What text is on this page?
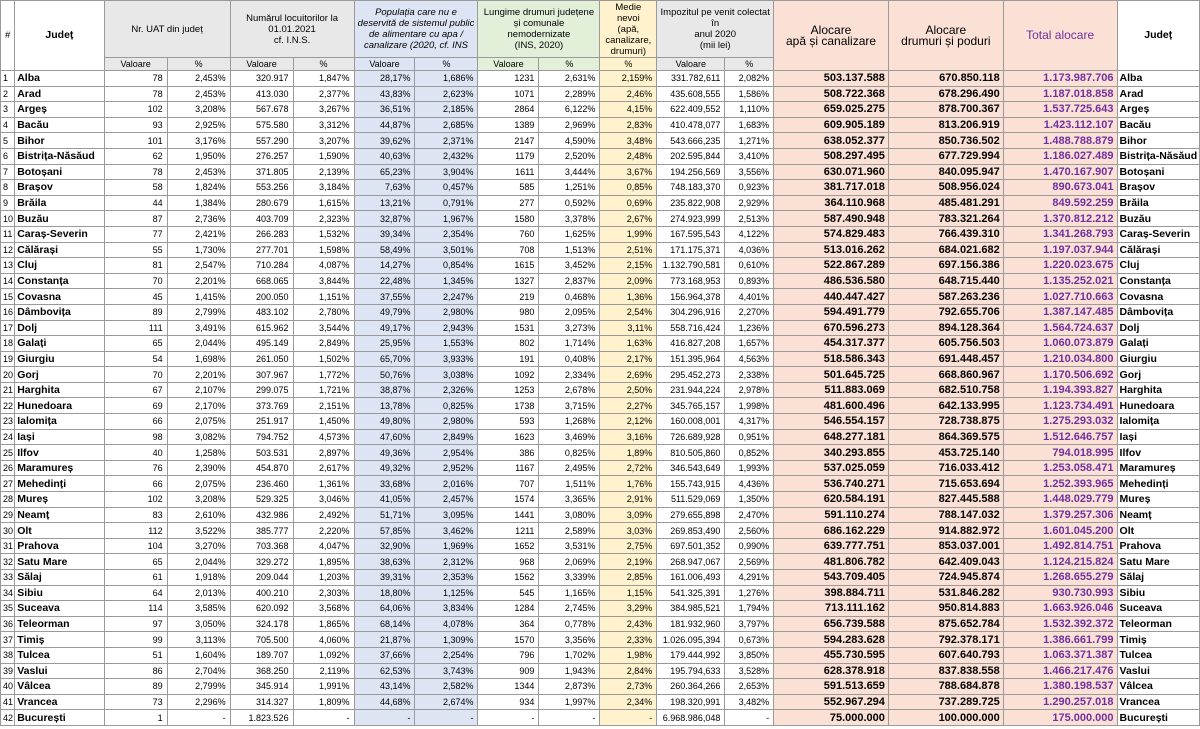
#	Județ	Nr. UAT din județ		Numărul locuitorilor la
01.01.2021
cf. I.N.S.		Populația care nu e
deservită de sistemul public
de alimentare cu apa /
canalizare (2020, cf. INS		Lungime drumuri județene
și comunale nemodernizate
(INS, 2020)		Medie nevoi
(apă,
canalizare,
drumuri)	Impozitul pe venit colectat în
anul 2020
(mii lei)		Alocare
apă și canalizare	Alocare
drumuri și poduri	Total alocare	Județ
		Valoare	%	Valoare	%	Valoare	%	Valoare	%	%	Valoare	%				
1	Alba	78	2,453%	320.917	1,847%	28,17%	1,686%	1231	2,631%	2,159%	331.782,611	2,082%	503.137.588	670.850.118	1.173.987.706	Alba
2	Arad	78	2,453%	413.030	2,377%	43,83%	2,623%	1071	2,289%	2,46%	435.608,555	1,586%	508.722.368	678.296.490	1.187.018.858	Arad
3	Argeș	102	3,208%	567.678	3,267%	36,51%	2,185%	2864	6,122%	4,15%	622.409,552	1,110%	659.025.275	878.700.367	1.537.725.643	Argeș
4	Bacău	93	2,925%	575.580	3,312%	44,87%	2,685%	1389	2,969%	2,83%	410.478,077	1,683%	609.905.189	813.206.919	1.423.112.107	Bacău
5	Bihor	101	3,176%	557.290	3,207%	39,62%	2,371%	2147	4,590%	3,48%	543.666,235	1,271%	638.052.377	850.736.502	1.488.788.879	Bihor
6	Bistrița-Năsăud	62	1,950%	276.257	1,590%	40,63%	2,432%	1179	2,520%	2,48%	202.595,844	3,410%	508.297.495	677.729.994	1.186.027.489	Bistrița-Năsăud
7	Botoșani	78	2,453%	371.805	2,139%	65,23%	3,904%	1611	3,444%	3,67%	194.256,569	3,556%	630.071.960	840.095.947	1.470.167.907	Botoșani
8	Brașov	58	1,824%	553.256	3,184%	7,63%	0,457%	585	1,251%	0,85%	748.183,370	0,923%	381.717.018	508.956.024	890.673.041	Brașov
9	Brăila	44	1,384%	280.679	1,615%	13,21%	0,791%	277	0,592%	0,69%	235.822,908	2,929%	364.110.968	485.481.291	849.592.259	Brăila
10	Buzău	87	2,736%	403.709	2,323%	32,87%	1,967%	1580	3,378%	2,67%	274.923,999	2,513%	587.490.948	783.321.264	1.370.812.212	Buzău
11	Caraș-Severin	77	2,421%	266.283	1,532%	39,34%	2,354%	760	1,625%	1,99%	167.595,543	4,122%	574.829.483	766.439.310	1.341.268.793	Caraș-Severin
12	Călărași	55	1,730%	277.701	1,598%	58,49%	3,501%	708	1,513%	2,51%	171.175,371	4,036%	513.016.262	684.021.682	1.197.037.944	Călărași
13	Cluj	81	2,547%	710.284	4,087%	14,27%	0,854%	1615	3,452%	2,15%	1.132.790,581	0,610%	522.867.289	697.156.386	1.220.023.675	Cluj
14	Constanța	70	2,201%	668.065	3,844%	22,48%	1,345%	1327	2,837%	2,09%	773.168,953	0,893%	486.536.580	648.715.440	1.135.252.021	Constanța
15	Covasna	45	1,415%	200.050	1,151%	37,55%	2,247%	219	0,468%	1,36%	156.964,378	4,401%	440.447.427	587.263.236	1.027.710.663	Covasna
16	Dâmbovița	89	2,799%	483.102	2,780%	49,79%	2,980%	980	2,095%	2,54%	304.296,916	2,270%	594.491.779	792.655.706	1.387.147.485	Dâmbovița
17	Dolj	111	3,491%	615.962	3,544%	49,17%	2,943%	1531	3,273%	3,11%	558.716,424	1,236%	670.596.273	894.128.364	1.564.724.637	Dolj
18	Galați	65	2,044%	495.149	2,849%	25,95%	1,553%	802	1,714%	1,63%	416.827,208	1,657%	454.317.377	605.756.503	1.060.073.879	Galați
19	Giurgiu	54	1,698%	261.050	1,502%	65,70%	3,933%	191	0,408%	2,17%	151.395,964	4,563%	518.586.343	691.448.457	1.210.034.800	Giurgiu
20	Gorj	70	2,201%	307.967	1,772%	50,76%	3,038%	1092	2,334%	2,69%	295.452,273	2,338%	501.645.725	668.860.967	1.170.506.692	Gorj
21	Harghita	67	2,107%	299.075	1,721%	38,87%	2,326%	1253	2,678%	2,50%	231.944,224	2,978%	511.883.069	682.510.758	1.194.393.827	Harghita
22	Hunedoara	69	2,170%	373.769	2,151%	13,78%	0,825%	1738	3,715%	2,27%	345.765,157	1,998%	481.600.496	642.133.995	1.123.734.491	Hunedoara
23	Ialomița	66	2,075%	251.917	1,450%	49,80%	2,980%	593	1,268%	2,12%	160.008,001	4,317%	546.554.157	728.738.875	1.275.293.032	Ialomița
24	Iași	98	3,082%	794.752	4,573%	47,60%	2,849%	1623	3,469%	3,16%	726.689,928	0,951%	648.277.181	864.369.575	1.512.646.757	Iași
25	Ilfov	40	1,258%	503.531	2,897%	49,36%	2,954%	386	0,825%	1,89%	810.505,860	0,852%	340.293.855	453.725.140	794.018.995	Ilfov
26	Maramureș	76	2,390%	454.870	2,617%	49,32%	2,952%	1167	2,495%	2,72%	346.543,649	1,993%	537.025.059	716.033.412	1.253.058.471	Maramureș
27	Mehedinți	66	2,075%	236.460	1,361%	33,68%	2,016%	707	1,511%	1,76%	155.743,915	4,436%	536.740.271	715.653.694	1.252.393.965	Mehedinți
28	Mureș	102	3,208%	529.325	3,046%	41,05%	2,457%	1574	3,365%	2,91%	511.529,069	1,350%	620.584.191	827.445.588	1.448.029.779	Mureș
29	Neamț	83	2,610%	432.986	2,492%	51,71%	3,095%	1441	3,080%	3,09%	279.655,898	2,470%	591.110.274	788.147.032	1.379.257.306	Neamț
30	Olt	112	3,522%	385.777	2,220%	57,85%	3,462%	1211	2,589%	3,03%	269.853,490	2,560%	686.162.229	914.882.972	1.601.045.200	Olt
31	Prahova	104	3,270%	703.368	4,047%	32,90%	1,969%	1652	3,531%	2,75%	697.501,352	0,990%	639.777.751	853.037.001	1.492.814.751	Prahova
32	Satu Mare	65	2,044%	329.272	1,895%	38,63%	2,312%	968	2,069%	2,19%	268.947,067	2,569%	481.806.782	642.409.043	1.124.215.824	Satu Mare
33	Sălaj	61	1,918%	209.044	1,203%	39,31%	2,353%	1562	3,339%	2,85%	161.006,493	4,291%	543.709.405	724.945.874	1.268.655.279	Sălaj
34	Sibiu	64	2,013%	400.210	2,303%	18,80%	1,125%	545	1,165%	1,15%	541.325,391	1,276%	398.884.711	531.846.282	930.730.993	Sibiu
35	Suceava	114	3,585%	620.092	3,568%	64,06%	3,834%	1284	2,745%	3,29%	384.985,521	1,794%	713.111.162	950.814.883	1.663.926.046	Suceava
36	Teleorman	97	3,050%	324.178	1,865%	68,14%	4,078%	364	0,778%	2,43%	181.932,960	3,797%	656.739.588	875.652.784	1.532.392.372	Teleorman
37	Timiș	99	3,113%	705.500	4,060%	21,87%	1,309%	1570	3,356%	2,33%	1.026.095,394	0,673%	594.283.628	792.378.171	1.386.661.799	Timiș
38	Tulcea	51	1,604%	189.707	1,092%	37,66%	2,254%	796	1,702%	1,98%	179.444,992	3,850%	455.730.595	607.640.793	1.063.371.387	Tulcea
39	Vaslui	86	2,704%	368.250	2,119%	62,53%	3,743%	909	1,943%	2,84%	195.794,633	3,528%	628.378.918	837.838.558	1.466.217.476	Vaslui
40	Vâlcea	89	2,799%	345.914	1,991%	43,14%	2,582%	1344	2,873%	2,73%	260.364,266	2,653%	591.513.659	788.684.878	1.380.198.537	Vâlcea
41	Vrancea	73	2,296%	314.327	1,809%	44,68%	2,674%	934	1,997%	2,34%	198.320,991	3,482%	552.967.294	737.289.725	1.290.257.018	Vrancea
42	București	1	-	1.823.526	-	-	-	-	-	-	6.968.986,048	-	75.000.000	100.000.000	175.000.000	București
